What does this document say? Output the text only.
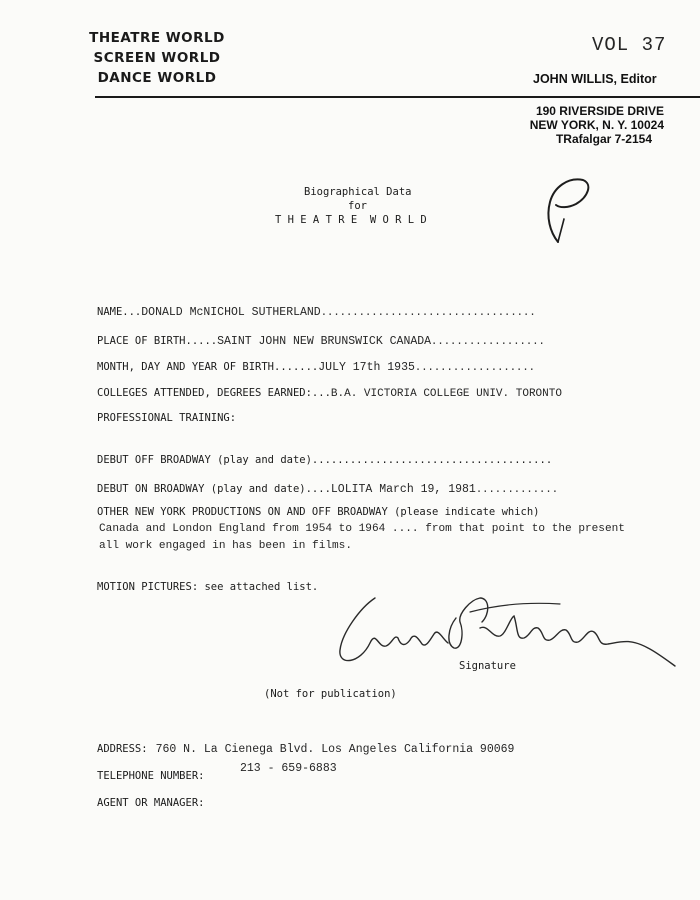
THEATRE WORLD
SCREEN WORLD
DANCE WORLD
VOL 37
JOHN WILLIS, Editor
190 RIVERSIDE DRIVE
NEW YORK, N. Y. 10024
TRafalgar 7-2154
Biographical Data
for
T H E A T R E  W O R L D
NAME...DONALD McNICHOL SUTHERLAND..................................
PLACE OF BIRTH.....SAINT JOHN NEW BRUNSWICK CANADA..................
MONTH, DAY AND YEAR OF BIRTH.......JULY 17th 1935...................
COLLEGES ATTENDED, DEGREES EARNED:...B.A. VICTORIA COLLEGE UNIV. TORONTO
PROFESSIONAL TRAINING:
DEBUT OFF BROADWAY (play and date)......................................
DEBUT ON BROADWAY (play and date)....LOLITA March 19, 1981.............
OTHER NEW YORK PRODUCTIONS ON AND OFF BROADWAY (please indicate which)
Canada and London England from 1954 to 1964 .... from that point to the present
all work engaged in has been in films.
MOTION PICTURES: see attached list.
Signature
(Not for publication)
ADDRESS: 760 N. La Cienega Blvd. Los Angeles California 90069
TELEPHONE NUMBER:
213 - 659-6883
AGENT OR MANAGER:
